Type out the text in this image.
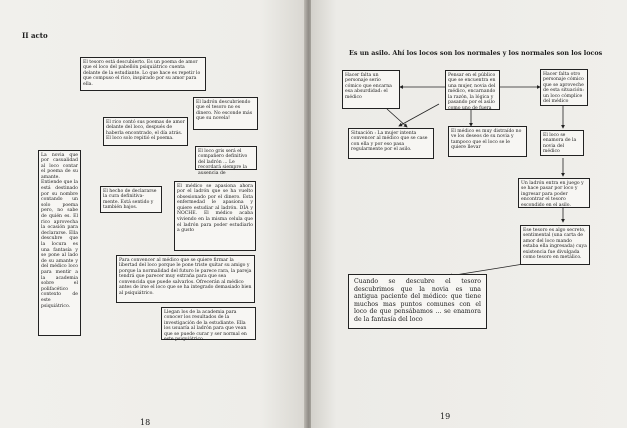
II acto
El tesoro está descubierto. Es un poema de amor que el loco del pabellón psiquiátrico cuenta delante de la estudiante. Lo que hace es repetir lo que compuso el rico, inspirado por su amor para ella.
El ladrón descubriendo que el tesoro no es dinero. No esconde más que su novela!
El rico contó sus poemas de amor delante del loco, después de haberla encontrado, el día atrás. El loco solo repitió el poema.
El loco gris será el compañero definitivo del ladrón ... Le recordará siempre la ausencia de
La novia que por casualidad al loco contar el poema de su amante. Entiende que la está destinado por su nombre contando un solo poema pero, no sabe de quién es. El rico aprovecha la ocasión para declararse. Ella descubre que la locura es una fantasía y se pone al lado de su amante y del médico loco para mentir a la academia sobre el polifacético contexto de este psiquiátrico.
El hecho de declararse la cura definitiva-mente. Está sentido y también bajos.
El médico se apasiona ahora por el ladrón que se ha vuelto obsesionado por el dinero. Esta enfermedad le apasiona y quiere estudiar al ladrón. DÍA y NOCHE. El médico acaba viviendo en la misma celula que el ladrón para poder estudiarlo a gusto
Para convencer al médico que se quiere firmar la libertad del loco porque le pone triste quitar su amigo y porque la normalidad del futuro le parece rara, la pareja tendrá que parecer muy extraña para que sea convencida que puede salvarlos. Ofrecerán al médico antes de irse el loco que se ha integrado demasiado bien al psiquiátrico.
Llegan los de la academia para conocer los resultados de la investigación de la estudiante. Ella los usuaría al ladrón para que vean que se puede curar y ser normal en este psiquiátrico.
18
Es un asilo. Ahí los locos son los normales y los normales son los locos
Hacer falta un personaje serio cómico que encarna esa absurdidad: el médico
Pensar en el público que se encuentra en una mujer, novia del médico, encarnando la razón, la lógica y pasando por el asilo como uno de fuera
Hacer falta otro personaje cómico que se aproveche de esta situación: un loco cómplice del médico
Situación : La mujer intenta convencer al médico que se case con ella y por eso pasa regularmente por el asilo.
El médico es muy distraído no ve los deseos de su novia y tampoco que el loco se le quiere llevar
El loco se enamora de la novia del médico
Un ladrón entra en juego y se hace pasar por loco y ingresar para poder encontrar el tesoro escondido en el asilo.
Ese tesoro es algo secreto, sentimental (una carta de amor del loco mando estaba ella ingresada) cuya existencia fue divulgada como tesoro en metálico.
Cuando se descubre el tesoro descubrimos que la novia es una antigua paciente del médico: que tiene muchos mas puntos comunes con el loco de que pensábamos ... se enamora de la fantasía del loco
19
